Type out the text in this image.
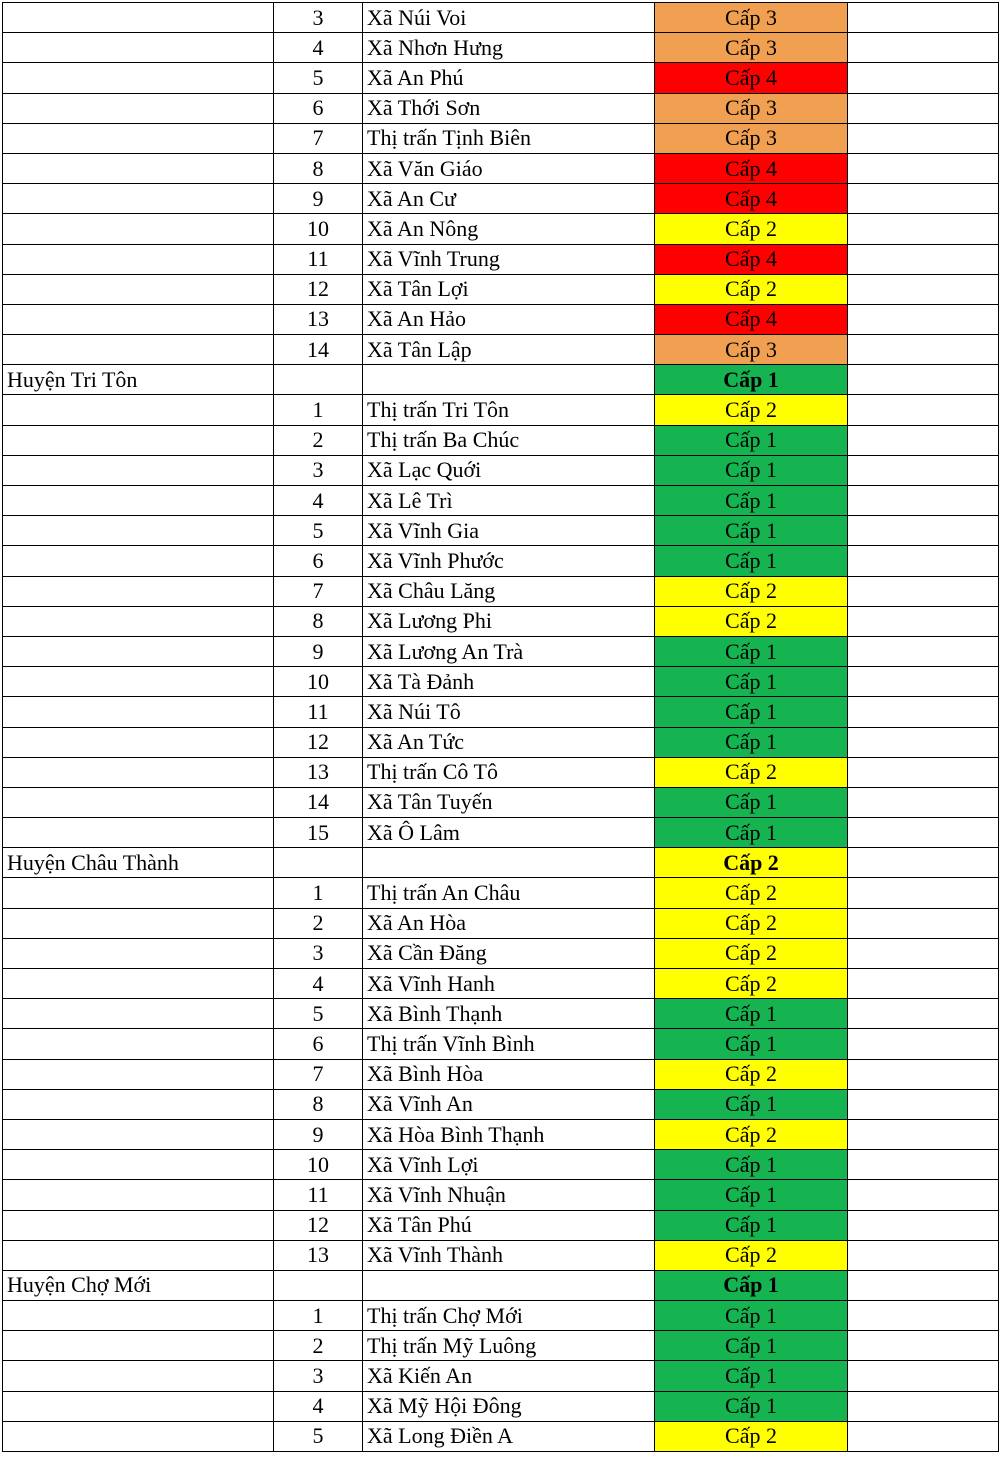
	3	Xã Núi Voi	Cấp 3	
	4	Xã Nhơn Hưng	Cấp 3	
	5	Xã An Phú	Cấp 4	
	6	Xã Thới Sơn	Cấp 3	
	7	Thị trấn Tịnh Biên	Cấp 3	
	8	Xã Văn Giáo	Cấp 4	
	9	Xã An Cư	Cấp 4	
	10	Xã An Nông	Cấp 2	
	11	Xã Vĩnh Trung	Cấp 4	
	12	Xã Tân Lợi	Cấp 2	
	13	Xã An Hảo	Cấp 4	
	14	Xã Tân Lập	Cấp 3	
Huyện Tri Tôn			Cấp 1	
	1	Thị trấn Tri Tôn	Cấp 2	
	2	Thị trấn Ba Chúc	Cấp 1	
	3	Xã Lạc Quới	Cấp 1	
	4	Xã Lê Trì	Cấp 1	
	5	Xã Vĩnh Gia	Cấp 1	
	6	Xã Vĩnh Phước	Cấp 1	
	7	Xã Châu Lăng	Cấp 2	
	8	Xã Lương Phi	Cấp 2	
	9	Xã Lương An Trà	Cấp 1	
	10	Xã Tà Đảnh	Cấp 1	
	11	Xã Núi Tô	Cấp 1	
	12	Xã An Tức	Cấp 1	
	13	Thị trấn Cô Tô	Cấp 2	
	14	Xã Tân Tuyến	Cấp 1	
	15	Xã Ô Lâm	Cấp 1	
Huyện Châu Thành			Cấp 2	
	1	Thị trấn An Châu	Cấp 2	
	2	Xã An Hòa	Cấp 2	
	3	Xã Cần Đăng	Cấp 2	
	4	Xã Vĩnh Hanh	Cấp 2	
	5	Xã Bình Thạnh	Cấp 1	
	6	Thị trấn Vĩnh Bình	Cấp 1	
	7	Xã Bình Hòa	Cấp 2	
	8	Xã Vĩnh An	Cấp 1	
	9	Xã Hòa Bình Thạnh	Cấp 2	
	10	Xã Vĩnh Lợi	Cấp 1	
	11	Xã Vĩnh Nhuận	Cấp 1	
	12	Xã Tân Phú	Cấp 1	
	13	Xã Vĩnh Thành	Cấp 2	
Huyện Chợ Mới			Cấp 1	
	1	Thị trấn Chợ Mới	Cấp 1	
	2	Thị trấn Mỹ Luông	Cấp 1	
	3	Xã Kiến An	Cấp 1	
	4	Xã Mỹ Hội Đông	Cấp 1	
	5	Xã Long Điền A	Cấp 2	
